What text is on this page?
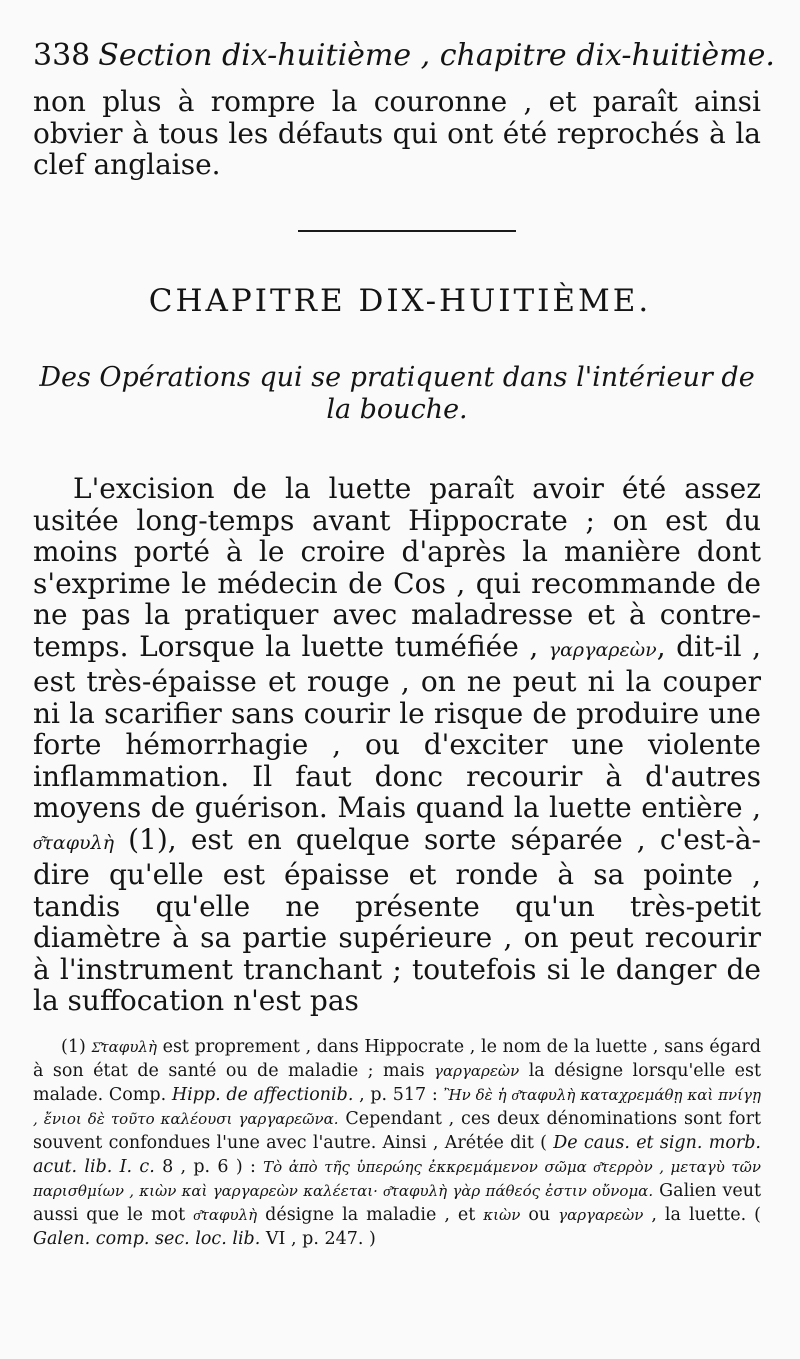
338 Section dix-huitième , chapitre dix-huitième.
non plus à rompre la couronne , et paraît ainsi obvier à tous les défauts qui ont été reprochés à la clef anglaise.
CHAPITRE DIX-HUITIÈME.
Des Opérations qui se pratiquent dans l'intérieur de la bouche.

L'excision de la luette paraît avoir été assez usitée long-temps avant Hippocrate ; on est du moins porté à le croire d'après la manière dont s'exprime le médecin de Cos , qui recommande de ne pas la pratiquer avec maladresse et à contre-temps. Lorsque la luette tuméfiée , γαργαρεὼν, dit-il , est très-épaisse et rouge , on ne peut ni la couper ni la scarifier sans courir le risque de produire une forte hémorrhagie , ou d'exciter une violente inflammation. Il faut donc recourir à d'autres moyens de guérison. Mais quand la luette entière , σ͂ταφυλὴ (1), est en quelque sorte séparée , c'est-à-dire qu'elle est épaisse et ronde à sa pointe , tandis qu'elle ne présente qu'un très-petit diamètre à sa partie supérieure , on peut recourir à l'instrument tranchant ; toutefois si le danger de la suffocation n'est pas

(1) Σ͂ταφυλὴ est proprement , dans Hippocrate , le nom de la luette , sans égard à son état de santé ou de maladie ; mais γαργαρεὼν la désigne lorsqu'elle est malade. Comp. Hipp. de affectionib. , p. 517 : Ἢν δὲ ἡ σ͂ταφυλὴ καταχρεμάθῃ καὶ πνίγῃ , ἔνιοι δὲ τοῦτο καλέουσι γαργαρεῶνα. Cependant , ces deux dénominations sont fort souvent confondues l'une avec l'autre. Ainsi , Arétée dit ( De caus. et sign. morb. acut. lib. I. c. 8 , p. 6 ) : Τὸ ἀπὸ τῆς ὑπερώης ἐκκρεμάμενον σῶμα σ͂τερρὸν , μεταγὺ τῶν παρισθμίων , κιὼν καὶ γαργαρεὼν καλέεται· σ͂ταφυλὴ γὰρ πάθεός ἐστιν οὔνομα. Galien veut aussi que le mot σ͂ταφυλὴ désigne la maladie , et κιὼν ou γαργαρεὼν , la luette. ( Galen. comp. sec. loc. lib. VI , p. 247. )
